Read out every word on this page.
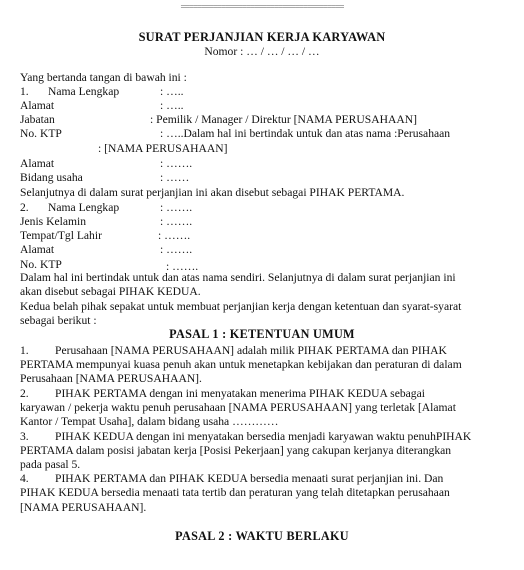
========================================
SURAT PERJANJIAN KERJA KARYAWAN
Nomor : … / … / … / …
Yang bertanda tangan di bawah ini :
1. Nama Lengkap	: …..
Alamat	: …..
Jabatan	: Pemilik / Manager / Direktur [NAMA PERUSAHAAN]
No. KTP	: …..Dalam hal ini bertindak untuk dan atas nama :Perusahaan
: [NAMA PERUSAHAAN]
Alamat	: …….
Bidang usaha	: ……
Selanjutnya di dalam surat perjanjian ini akan disebut sebagai PIHAK PERTAMA.
2. Nama Lengkap	: …….
Jenis Kelamin	: …….
Tempat/Tgl Lahir	: …….
Alamat	: …….
No. KTP	: …….
Dalam hal ini bertindak untuk dan atas nama sendiri. Selanjutnya di dalam surat perjanjian ini
akan disebut sebagai PIHAK KEDUA.
Kedua belah pihak sepakat untuk membuat perjanjian kerja dengan ketentuan dan syarat-syarat
sebagai berikut :
PASAL 1 : KETENTUAN UMUM
1. Perusahaan [NAMA PERUSAHAAN] adalah milik PIHAK PERTAMA dan PIHAK
PERTAMA mempunyai kuasa penuh akan untuk menetapkan kebijakan dan peraturan di dalam
Perusahaan [NAMA PERUSAHAAN].
2. PIHAK PERTAMA dengan ini menyatakan menerima PIHAK KEDUA sebagai
karyawan / pekerja waktu penuh perusahaan [NAMA PERUSAHAAN] yang terletak [Alamat
Kantor / Tempat Usaha], dalam bidang usaha …………
3. PIHAK KEDUA dengan ini menyatakan bersedia menjadi karyawan waktu penuhPIHAK
PERTAMA dalam posisi jabatan kerja [Posisi Pekerjaan] yang cakupan kerjanya diterangkan
pada pasal 5.
4. PIHAK PERTAMA dan PIHAK KEDUA bersedia menaati surat perjanjian ini. Dan
PIHAK KEDUA bersedia menaati tata tertib dan peraturan yang telah ditetapkan perusahaan
[NAMA PERUSAHAAN].
PASAL 2 : WAKTU BERLAKU
